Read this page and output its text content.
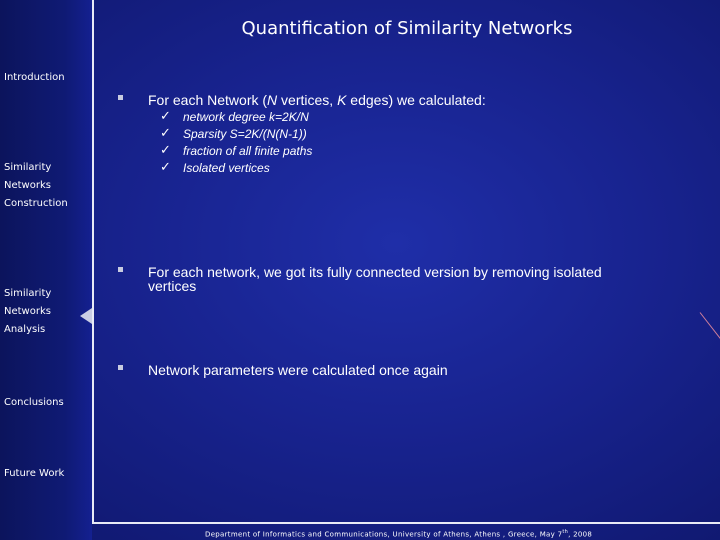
Introduction
Similarity
Networks
Construction
Similarity
Networks
Analysis
Conclusions
Future Work
Quantification of Similarity Networks
For each Network (N vertices, K edges) we calculated:
✓ network degree k=2K/N
✓ Sparsity S=2K/(N(N-1))
✓ fraction of all finite paths
✓ Isolated vertices
For each network, we got its fully connected version by removing isolated
vertices
Network parameters were calculated once again
Department of Informatics and Communications, University of Athens, Athens , Greece, May 7th, 2008
